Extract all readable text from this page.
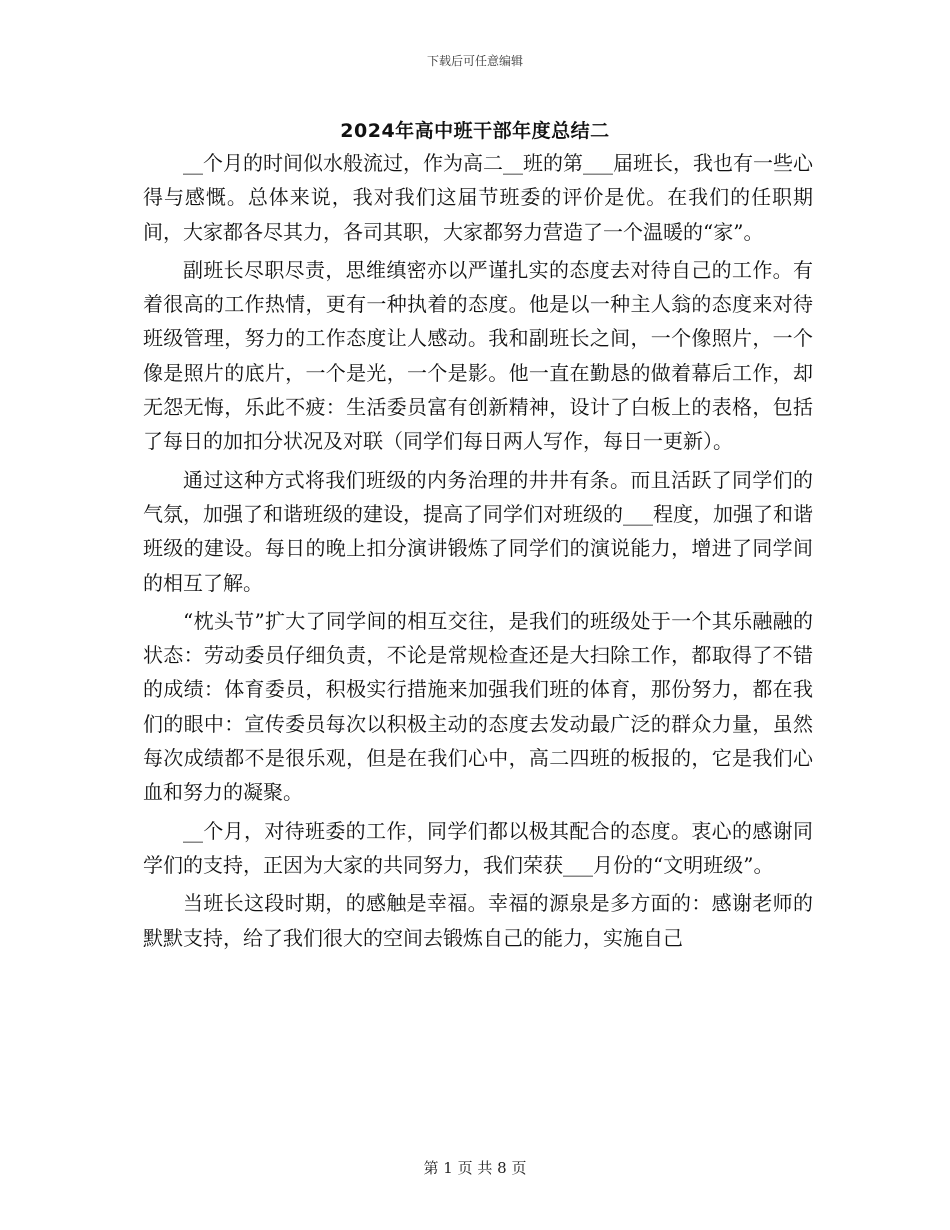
下载后可任意编辑
2024年高中班干部年度总结二

__个月的时间似水般流过，作为高二__班的第___届班长，我也有一些心得与感慨。总体来说，我对我们这届节班委的评价是优。在我们的任职期间，大家都各尽其力，各司其职，大家都努力营造了一个温暖的“家”。

副班长尽职尽责，思维缜密亦以严谨扎实的态度去对待自己的工作。有着很高的工作热情，更有一种执着的态度。他是以一种主人翁的态度来对待班级管理，努力的工作态度让人感动。我和副班长之间，一个像照片，一个像是照片的底片，一个是光，一个是影。他一直在勤恳的做着幕后工作，却无怨无悔，乐此不疲：生活委员富有创新精神，设计了白板上的表格，包括了每日的加扣分状况及对联（同学们每日两人写作，每日一更新）。

通过这种方式将我们班级的内务治理的井井有条。而且活跃了同学们的气氛，加强了和谐班级的建设，提高了同学们对班级的___程度，加强了和谐班级的建设。每日的晚上扣分演讲锻炼了同学们的演说能力，增进了同学间的相互了解。

“枕头节”扩大了同学间的相互交往，是我们的班级处于一个其乐融融的状态：劳动委员仔细负责，不论是常规检查还是大扫除工作，都取得了不错的成绩：体育委员，积极实行措施来加强我们班的体育，那份努力，都在我们的眼中：宣传委员每次以积极主动的态度去发动最广泛的群众力量，虽然每次成绩都不是很乐观，但是在我们心中，高二四班的板报的，它是我们心血和努力的凝聚。

__个月，对待班委的工作，同学们都以极其配合的态度。衷心的感谢同学们的支持，正因为大家的共同努力，我们荣获___月份的“文明班级”。

当班长这段时期，的感触是幸福。幸福的源泉是多方面的：感谢老师的默默支持，给了我们很大的空间去锻炼自己的能力，实施自己

第 1 页 共 8 页
